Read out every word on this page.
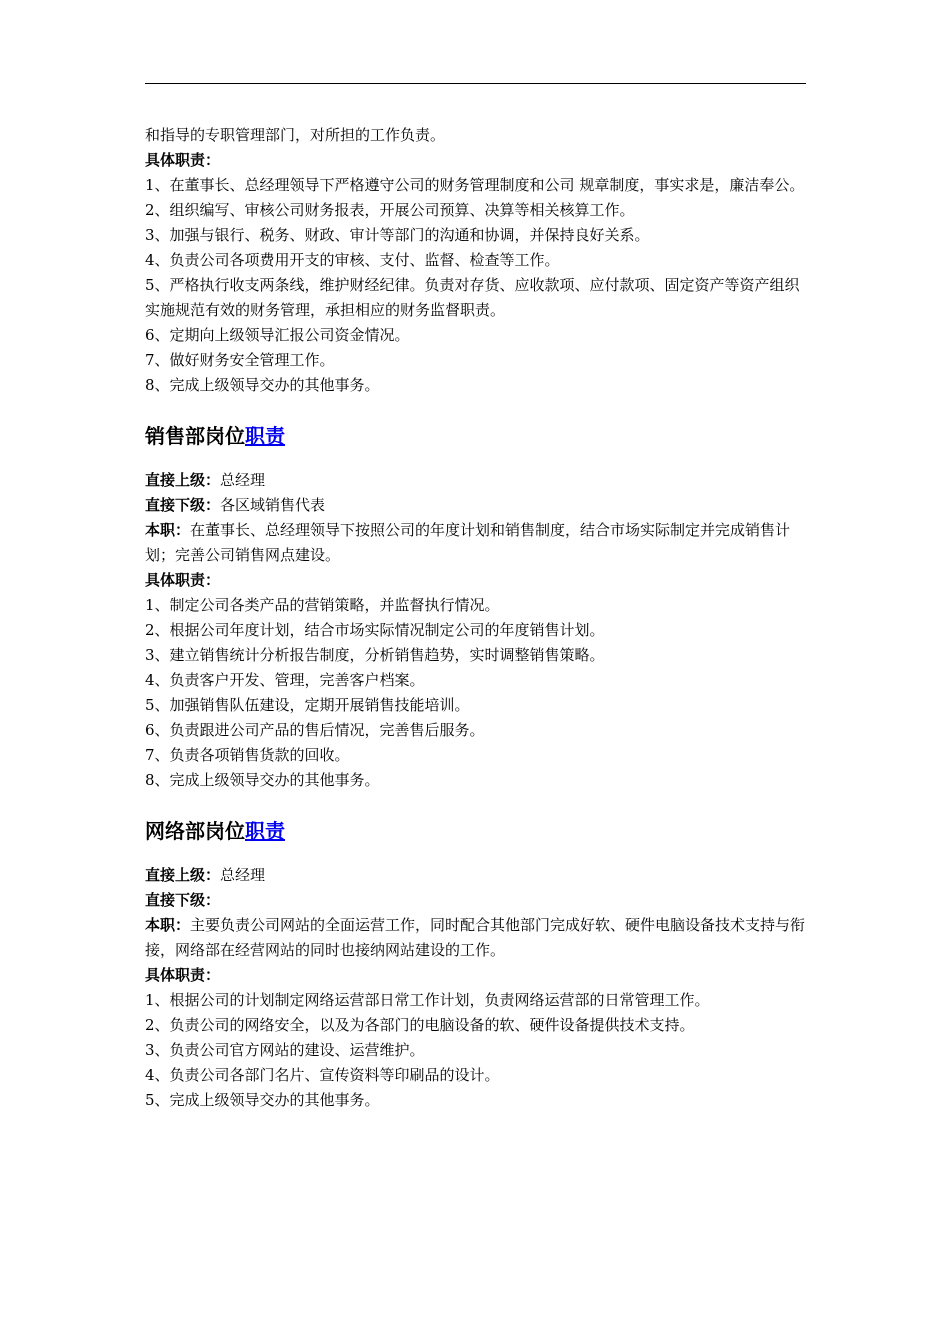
和指导的专职管理部门，对所担的工作负责。

具体职责：

1、在董事长、总经理领导下严格遵守公司的财务管理制度和公司 规章制度，事实求是，廉洁奉公。

2、组织编写、审核公司财务报表，开展公司预算、决算等相关核算工作。

3、加强与银行、税务、财政、审计等部门的沟通和协调，并保持良好关系。

4、负责公司各项费用开支的审核、支付、监督、检查等工作。

5、严格执行收支两条线，维护财经纪律。负责对存货、应收款项、应付款项、固定资产等资产组织实施规范有效的财务管理，承担相应的财务监督职责。

6、定期向上级领导汇报公司资金情况。

7、做好财务安全管理工作。

8、完成上级领导交办的其他事务。

销售部岗位职责

直接上级：总经理

直接下级：各区域销售代表

本职：在董事长、总经理领导下按照公司的年度计划和销售制度，结合市场实际制定并完成销售计划；完善公司销售网点建设。

具体职责：

1、制定公司各类产品的营销策略，并监督执行情况。

2、根据公司年度计划，结合市场实际情况制定公司的年度销售计划。

3、建立销售统计分析报告制度，分析销售趋势，实时调整销售策略。

4、负责客户开发、管理，完善客户档案。

5、加强销售队伍建设，定期开展销售技能培训。

6、负责跟进公司产品的售后情况，完善售后服务。

7、负责各项销售货款的回收。

8、完成上级领导交办的其他事务。

网络部岗位职责

直接上级：总经理

直接下级：

本职：主要负责公司网站的全面运营工作，同时配合其他部门完成好软、硬件电脑设备技术支持与衔接，网络部在经营网站的同时也接纳网站建设的工作。

具体职责：

1、根据公司的计划制定网络运营部日常工作计划，负责网络运营部的日常管理工作。

2、负责公司的网络安全，以及为各部门的电脑设备的软、硬件设备提供技术支持。

3、负责公司官方网站的建设、运营维护。

4、负责公司各部门名片、宣传资料等印刷品的设计。

5、完成上级领导交办的其他事务。
